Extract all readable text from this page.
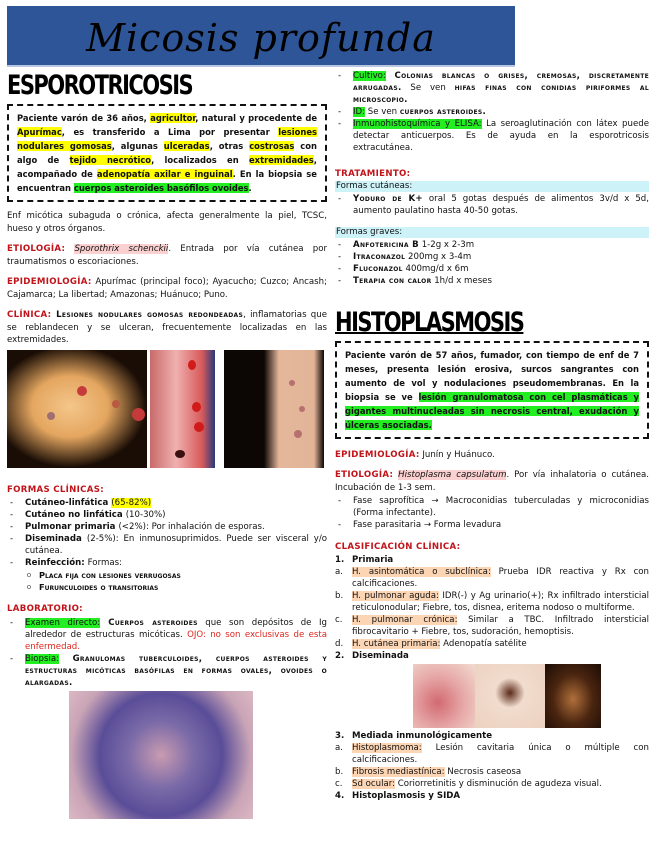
Micosis profunda
ESPOROTRICOSIS
Paciente varón de 36 años, agricultor, natural y procedente de Apurímac, es transferido a Lima por presentar lesiones nodulares gomosas, algunas ulceradas, otras costrosas con algo de tejido necrótico, localizados en extremidades, acompañado de adenopatía axilar e inguinal. En la biopsia se encuentran cuerpos asteroides basófilos ovoides.

Enf micótica subaguda o crónica, afecta generalmente la piel, TCSC, hueso y otros órganos.

ETIOLOGÍA: Sporothrix schenckii. Entrada por vía cutánea por traumatismos o escoriaciones.

EPIDEMIOLOGÍA: Apurímac (principal foco); Ayacucho; Cuzco; Ancash; Cajamarca; La libertad; Amazonas; Huánuco; Puno.

CLÍNICA: Lesiones nodulares gomosas redondeadas, inflamatorias que se reblandecen y se ulceran, frecuentemente localizadas en las extremidades.

FORMAS CLÍNICAS:

- Cutáneo-linfática (65-82%)
- Cutáneo no linfática (10-30%)
- Pulmonar primaria (<2%): Por inhalación de esporas.
- Diseminada (2-5%): En inmunosuprimidos. Puede ser visceral y/o cutánea.
- Reinfección: Formas:
o Placa fija con lesiones verrugosas
o Furunculoides o transitorias

LABORATORIO:

- Examen directo: Cuerpos asteroides que son depósitos de Ig alrededor de estructuras micóticas. OJO: no son exclusivas de esta enfermedad.
- Biopsia: Granulomas tuberculoides, cuerpos asteroides y estructuras micóticas basófilas en formas ovales, ovoides o alargadas.
- Cultivo: Colonias blancas o grises, cremosas, discretamente arrugadas. Se ven hifas finas con conidias piriformes al microscopio.
- ID: Se ven cuerpos asteroides.
- Inmunohistoquímica y ELISA: La seroaglutinación con látex puede detectar anticuerpos. Es de ayuda en la esporotricosis extracutánea.

TRATAMIENTO:

Formas cutáneas:
- Yoduro de K+ oral 5 gotas después de alimentos 3v/d x 5d, aumento paulatino hasta 40-50 gotas.
Formas graves:
- Anfotericina B 1-2g x 2-3m
- Itraconazol 200mg x 3-4m
- Fluconazol 400mg/d x 6m
- Terapia con calor 1h/d x meses
HISTOPLASMOSIS
Paciente varón de 57 años, fumador, con tiempo de enf de 7 meses, presenta lesión erosiva, surcos sangrantes con aumento de vol y nodulaciones pseudomembranas. En la biopsia se ve lesión granulomatosa con cel plasmáticas y gigantes multinucleadas sin necrosis central, exudación y úlceras asociadas.

EPIDEMIOLOGÍA: Junín y Huánuco.

ETIOLOGÍA: Histoplasma capsulatum. Por vía inhalatoria o cutánea. Incubación de 1-3 sem.

- Fase saprofítica → Macroconidias tuberculadas y microconidias (Forma infectante).
- Fase parasitaria → Forma levadura

CLASIFICACIÓN CLÍNICA:

1. Primaria
a. H. asintomática o subclínica: Prueba IDR reactiva y Rx con calcificaciones.
b. H. pulmonar aguda: IDR(-) y Ag urinario(+); Rx infiltrado intersticial reticulonodular; Fiebre, tos, disnea, eritema nodoso o multiforme.
c. H. pulmonar crónica: Similar a TBC. Infiltrado intersticial fibrocavitario + Fiebre, tos, sudoración, hemoptisis.
d. H. cutánea primaria: Adenopatía satélite
2. Diseminada
3. Mediada inmunológicamente
a. Histoplasmoma: Lesión cavitaria única o múltiple con calcificaciones.
b. Fibrosis mediastínica: Necrosis caseosa
c. Sd ocular: Coriorretinitis y disminución de agudeza visual.
4. Histoplasmosis y SIDA
